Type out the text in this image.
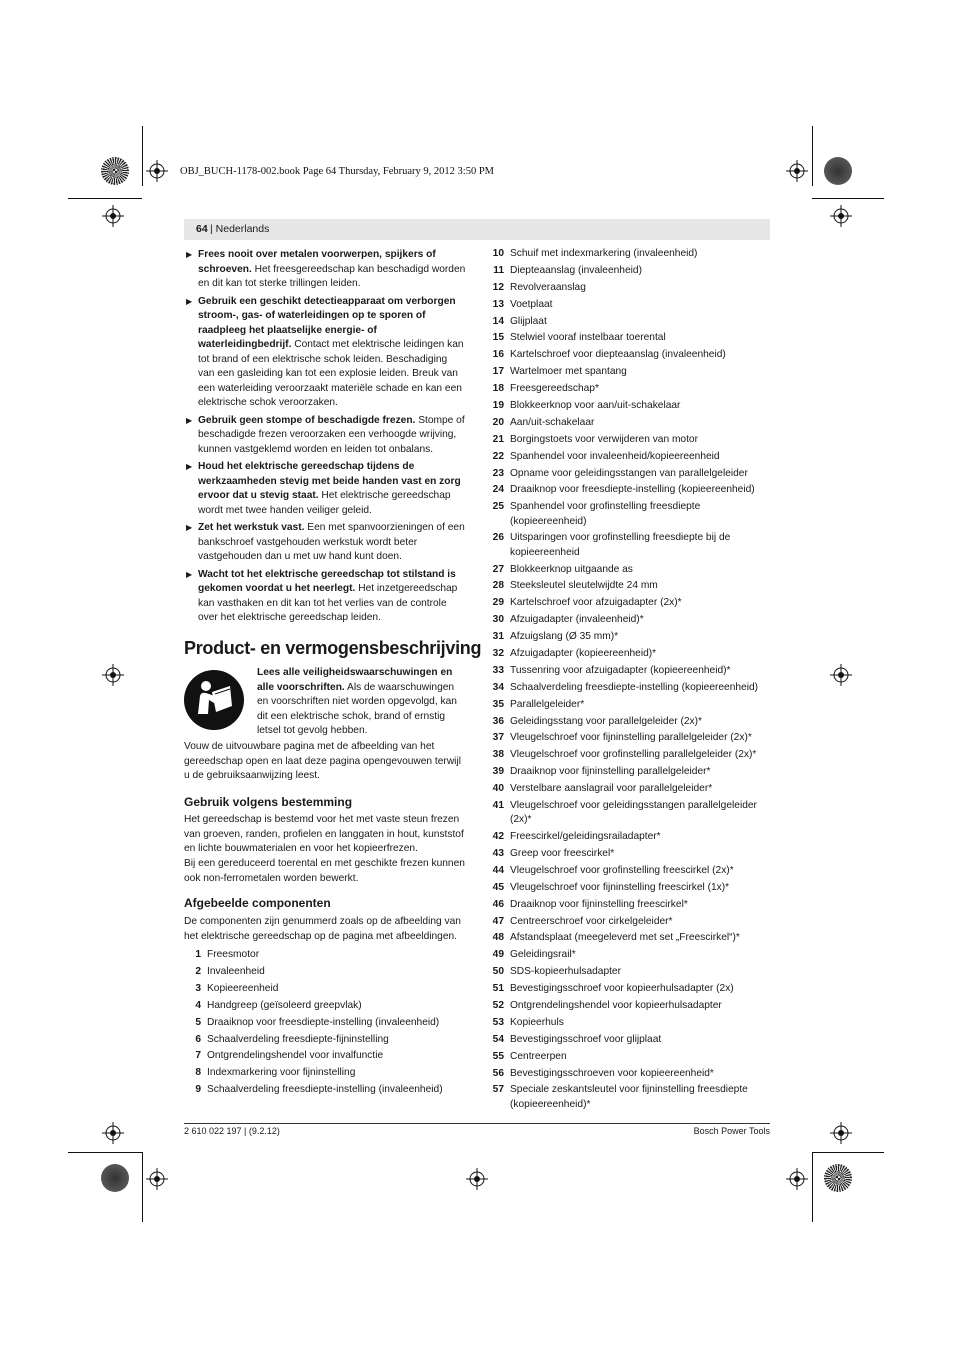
OBJ_BUCH-1178-002.book Page 64 Thursday, February 9, 2012 3:50 PM
64 | Nederlands
▶ Frees nooit over metalen voorwerpen, spijkers of schroeven. Het freesgereedschap kan beschadigd worden en dit kan tot sterke trillingen leiden.
▶ Gebruik een geschikt detectieapparaat om verborgen stroom-, gas- of waterleidingen op te sporen of raadpleeg het plaatselijke energie- of waterleidingbedrijf. Contact met elektrische leidingen kan tot brand of een elektrische schok leiden. Beschadiging van een gasleiding kan tot een explosie leiden. Breuk van een waterleiding veroorzaakt materiële schade en kan een elektrische schok veroorzaken.
▶ Gebruik geen stompe of beschadigde frezen. Stompe of beschadigde frezen veroorzaken een verhoogde wrijving, kunnen vastgeklemd worden en leiden tot onbalans.
▶ Houd het elektrische gereedschap tijdens de werkzaamheden stevig met beide handen vast en zorg ervoor dat u stevig staat. Het elektrische gereedschap wordt met twee handen veiliger geleid.
▶ Zet het werkstuk vast. Een met spanvoorzieningen of een bankschroef vastgehouden werkstuk wordt beter vastgehouden dan u met uw hand kunt doen.
▶ Wacht tot het elektrische gereedschap tot stilstand is gekomen voordat u het neerlegt. Het inzetgereedschap kan vasthaken en dit kan tot het verlies van de controle over het elektrische gereedschap leiden.
Product- en vermogensbeschrijving
Lees alle veiligheidswaarschuwingen en alle voorschriften. Als de waarschuwingen en voorschriften niet worden opgevolgd, kan dit een elektrische schok, brand of ernstig letsel tot gevolg hebben.
Vouw de uitvouwbare pagina met de afbeelding van het gereedschap open en laat deze pagina opengevouwen terwijl u de gebruiksaanwijzing leest.
Gebruik volgens bestemming
Het gereedschap is bestemd voor het met vaste steun frezen van groeven, randen, profielen en langgaten in hout, kunststof en lichte bouwmaterialen en voor het kopieerfrezen.
Bij een gereduceerd toerental en met geschikte frezen kunnen ook non-ferrometalen worden bewerkt.
Afgebeelde componenten
De componenten zijn genummerd zoals op de afbeelding van het elektrische gereedschap op de pagina met afbeeldingen.
1 Freesmotor
2 Invaleenheid
3 Kopieereenheid
4 Handgreep (geïsoleerd greepvlak)
5 Draaiknop voor freesdiepte-instelling (invaleenheid)
6 Schaalverdeling freesdiepte-fijninstelling
7 Ontgrendelingshendel voor invalfunctie
8 Indexmarkering voor fijninstelling
9 Schaalverdeling freesdiepte-instelling (invaleenheid)
10 Schuif met indexmarkering (invaleenheid)
11 Diepteaanslag (invaleenheid)
12 Revolveraanslag
13 Voetplaat
14 Glijplaat
15 Stelwiel vooraf instelbaar toerental
16 Kartelschroef voor diepteaanslag (invaleenheid)
17 Wartelmoer met spantang
18 Freesgereedschap*
19 Blokkeerknop voor aan/uit-schakelaar
20 Aan/uit-schakelaar
21 Borgingstoets voor verwijderen van motor
22 Spanhendel voor invaleenheid/kopieereenheid
23 Opname voor geleidingsstangen van parallelgeleider
24 Draaiknop voor freesdiepte-instelling (kopieereenheid)
25 Spanhendel voor grofinstelling freesdiepte (kopieereenheid)
26 Uitsparingen voor grofinstelling freesdiepte bij de kopieereenheid
27 Blokkeerknop uitgaande as
28 Steeksleutel sleutelwijdte 24 mm
29 Kartelschroef voor afzuigadapter (2x)*
30 Afzuigadapter (invaleenheid)*
31 Afzuigslang (Ø 35 mm)*
32 Afzuigadapter (kopieereenheid)*
33 Tussenring voor afzuigadapter (kopieereenheid)*
34 Schaalverdeling freesdiepte-instelling (kopieereenheid)
35 Parallelgeleider*
36 Geleidingsstang voor parallelgeleider (2x)*
37 Vleugelschroef voor fijninstelling parallelgeleider (2x)*
38 Vleugelschroef voor grofinstelling parallelgeleider (2x)*
39 Draaiknop voor fijninstelling parallelgeleider*
40 Verstelbare aanslagrail voor parallelgeleider*
41 Vleugelschroef voor geleidingsstangen parallelgeleider (2x)*
42 Freescirkel/geleidingsrailadapter*
43 Greep voor freescirkel*
44 Vleugelschroef voor grofinstelling freescirkel (2x)*
45 Vleugelschroef voor fijninstelling freescirkel (1x)*
46 Draaiknop voor fijninstelling freescirkel*
47 Centreerschroef voor cirkelgeleider*
48 Afstandsplaat (meegeleverd met set „Freescirkel“)*
49 Geleidingsrail*
50 SDS-kopieerhulsadapter
51 Bevestigingsschroef voor kopieerhulsadapter (2x)
52 Ontgrendelingshendel voor kopieerhulsadapter
53 Kopieerhuls
54 Bevestigingsschroef voor glijplaat
55 Centreerpen
56 Bevestigingsschroeven voor kopieereenheid*
57 Speciale zeskantsleutel voor fijninstelling freesdiepte (kopieereenheid)*
2 610 022 197 | (9.2.12)	Bosch Power Tools
